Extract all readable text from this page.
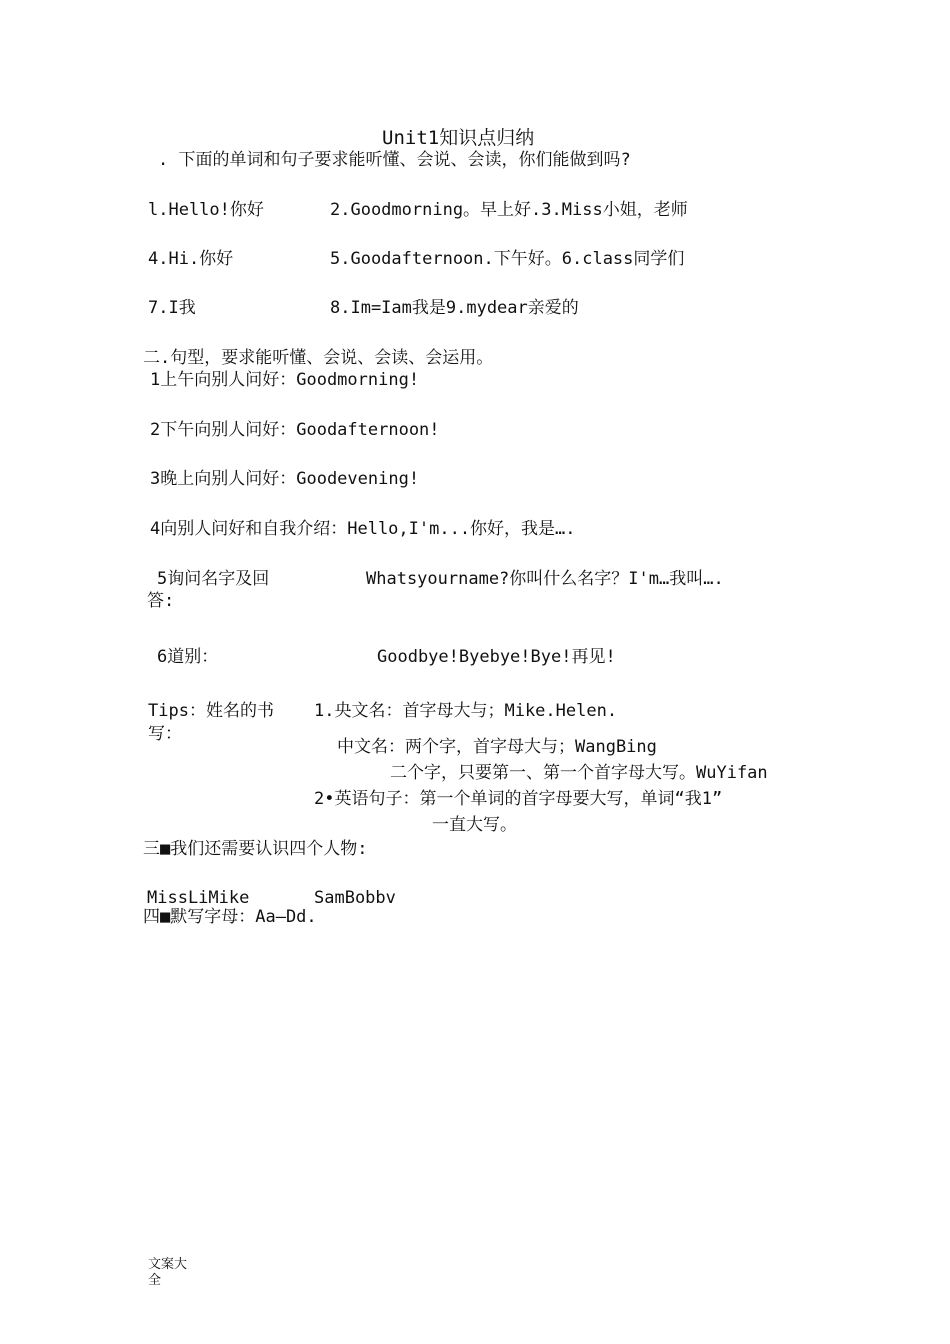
Unit1知识点归纳
. 下面的单词和句子要求能听懂、会说、会读，你们能做到吗?
l.Hello!你好	2.Goodmorning。早上好.3.Miss小姐，老师
4.Hi.你好	5.Goodafternoon.下午好。6.class同学们
7.I我	8.Im=Iam我是9.mydear亲爱的
二.句型，要求能听懂、会说、会读、会运用。
1上午向别人问好：Goodmorning!
2下午向别人问好：Goodafternoon!
3晚上向别人问好：Goodevening!
4向别人问好和自我介绍：Hello,I'm...你好，我是….
5询问名字及回
答:
Whatsyourname?你叫什么名字？I'm…我叫….
6道别：	Goodbye!Byebye!Bye!再见!
Tips：姓名的书
写：
1.央文名：首字母大与；Mike.Helen.
中文名：两个字，首字母大与；WangBing
二个字，只要第一、第一个首字母大写。WuYifan
2•英语句子：第一个单词的首字母要大写，单词“我1”
一直大写。
三■我们还需要认识四个人物:
MissLiMike	SamBobbv
四■默写字母：Aa—Dd.
文案大
全
